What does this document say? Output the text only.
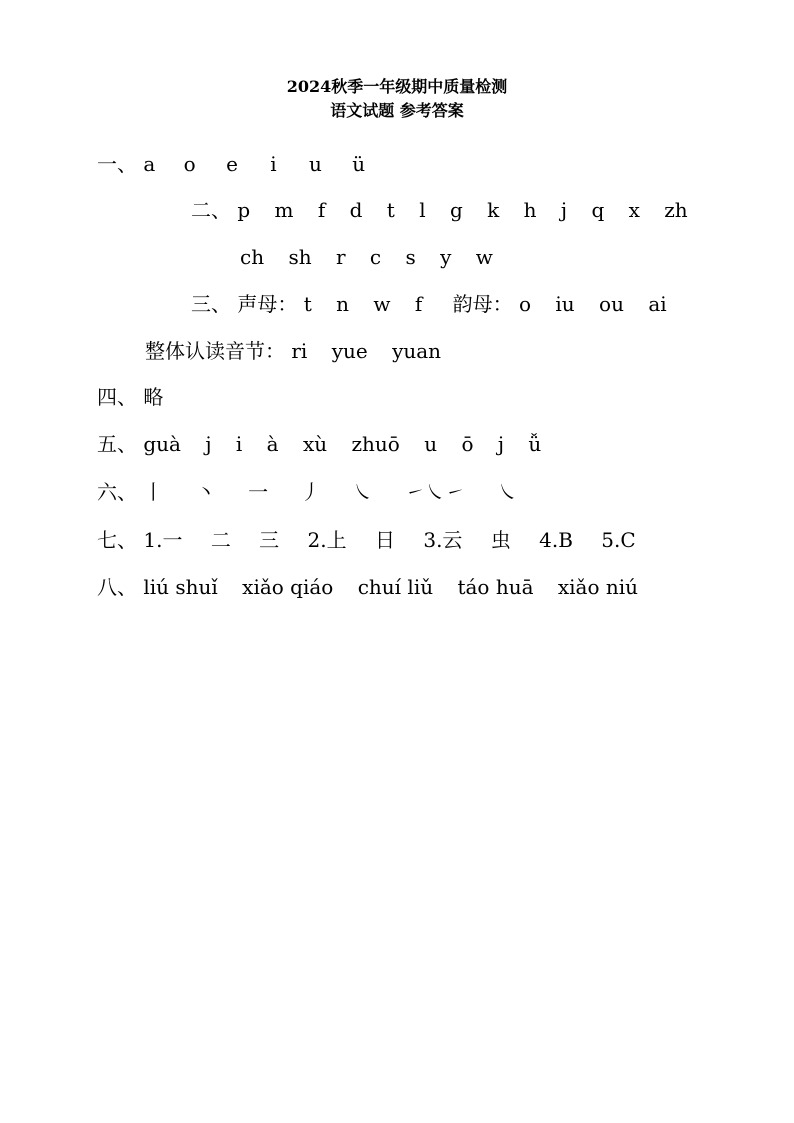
2024秋季一年级期中质量检测
语文试题 参考答案
一、 a o e i u ü
二、 p m f d t l g k h j q x zh
ch sh r c s y w
三、 声母： t n w f 韵母： o iu ou ai
整体认读音节： ri yue yuan
四、 略
五、 guà j i à xù zhuō u ō j ǚ
六、 丨 丶 一 丿 ㇏ ㇀㇏㇀ ㇏
七、 1.一 二 三 2.上 日 3.云 虫 4.B 5.C
八、 liú shuǐ xiǎo qiáo chuí liǔ táo huā xiǎo niú
